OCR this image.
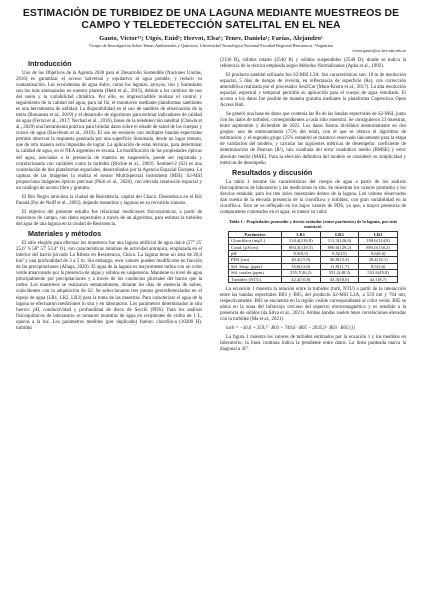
ESTIMACIÓN DE TURBIDEZ DE UNA LAGUNA MEDIANTE MUESTREOS DE CAMPO Y TELEDETECCIÓN SATELITAL EN EL NEA
Gauto, Victor¹²; Utgés, Enid¹; Hervot, Elsa¹; Tenev, Daniela¹; Farías, Alejandro¹
¹Grupo de Investigación Sobre Temas Ambientales y Químicos, Universidad Tecnológica Nacional Facultad Regional Resistencia, ²Argentina
victor.gauto@ca.frre.utn.edu.ar
Introducción

Uno de los Objetivos de la Agenda 2030 para el Desarrollo Sostenible (Naciones Unidas, 2016) es garantizar el acceso universal y equitativo al agua potable, y reducir su contaminación. Los ecosistemas de agua dulce, como los lagunas, arroyos, ríos y humedales son los más amenazados en nuestro planeta (Hettl et al., 2015), debido a los cambios de uso del suelo y la variabilidad climática. Por ello, es imprescindible realizar el control y seguimiento de la calidad del agua, para tal fin, el monitoreo mediante plataformas satelitales es una herramienta de utilidad. La disponibilidad en el uso de satélites de observación de la tierra (Bonansea et al., 2019) y el desarrollo de algoritmos para estimar indicadores de calidad de agua (Ferral et al., 2017; Nechad et al., 2016), bases de la teledetección satelital (Chawla et al., 2020) una herramienta práctica para brindar datos sobre el estado de salud de los cuerpos y cursos de agua (Rasvleum et al., 2019). El uso de sensores con múltiples bandas espectrales permite observar la respuesta generada por una superficie iluminada, desde un lugar remoto, que de otra manera sería imposible de lograr. La aplicación de estas técnicas, para determinar la calidad de agua, en el NEA argentino es escasa. La modificación de las propiedades ópticas del agua, asociadas a la presencia de materia en suspensión, puede ser registrada y correlacionada con variables como la turbidez (Ritchie et al., 2003). Sentinel-2 (S2) es una constelación de dos plataformas espaciales, desarrollados por la Agencia Espacial Europea. La captura de las imágenes la realiza el sensor MultiSpectral Instrument (MSI). S2-MSI proporciona imágenes ópticas precisas (Phiri et al., 2020), con elevada resolución espacial y un catálogo de acceso libre y gratuito.

El Río Negro atraviesa la ciudad de Resistencia, capital del Chaco. Desemboca en el Río Paraná (Poi de Neiff et al., 2003), dejando meandros y lagunas en su recorrido sinuoso.

El objetivo del presente estudio fue relacionar mediciones fisicoquímicas, a partir de muestreos de campo, con datos espectrales a través de un algoritmo, para estimar la turbidez del agua de una laguna en la ciudad de Resistencia.

Materiales y métodos

El sitio elegido para efectuar los muestreos fue una laguna artificial de agua dulce (27° 25' 25,6" S 58° 57' 53,4" O), con características mínimas de actividad antrópica, emplazada en el interior del barrio privado La Ribera en Resistencia, Chaco. La laguna tiene un área de 20,4 km² y una profundidad de 3 a 5 m. Sin embargo, esos valores pueden modificarse en función de las precipitaciones (Allaga, 2020). El agua de la laguna es mayormente turbia con un color verde amarronado por la presencia de algas y sólidos en suspensión. Mantiene su nivel de agua principalmente por precipitaciones y a través de los conductos pluviales del barrio que la rodea. Los muestreos se realizaron semanalmente, durante los días de ausencia de nubes, coincidentes con la adquisición de S2. Se seleccionaron tres puntos georreferenciados en el espejo de agua (LR1, LR2, LR3) para la toma de las muestras. Para caracterizar el agua de la laguna se efectuaron mediciones in situ y en laboratorio. Los parámetros determinados in situ fueron: pH, conductividad y profundidad de disco de Secchi (PDS). Para los análisis fisicoquímicos de laboratorio se tomaron muestras de agua en recipientes de vidrio de 1 L, opacos a la luz. Los parámetros medidos (por duplicado) fueron: clorofila-a (10200 H), turbidez

(2130 B), sólidos totales (2540 B) y sólidos suspendidos (2540 D), donde se indica la referencia de la técnica empleada según Métodos Normalizados (Apha et al., 1992).

El producto satelital utilizado fue S2-MSI L2A. Sus características son: 10 m de resolución espacial, 5 días de tiempo de revisita, en reflectancia de superficie (Rs), con corrección atmosférica realizada por el procesador Sen2Cor (Main-Knorn et al., 2017). La alta resolución espacial, espectral y temporal permitió su aplicación para el cuerpo de agua estudiado. El acceso a los datos fue posible de manera gratuita mediante la plataforma Copernicus Open Access Hub.

Se generó una base de datos que contenía las Rs de las bandas espectrales de S2-MSI, junto con los datos de turbidez, correspondientes a cada sitio muestral. Se consiguieron 23 muestras, entre septiembre y diciembre de 2022. Los datos fueron divididos aleatoriamente en dos grupos: uno de entrenamiento (75% del total), con el que se obtuvo el algoritmo de estimación; y el segundo grupo (25% restante) se mantuvo reservado únicamente para la etapa de validación del modelo, y calcular las siguientes métricas de desempeño: coeficiente de determinación de Pearson (R²), raíz cuadrada del error cuadrático medio (RMSE) y error absoluto medio (MAE). Para la elección definitiva del modelo se consideró su simplicidad y métricas de desempeño.

Resultados y discusión

La tabla 1 resume las características del cuerpo de agua a partir de los análisis fisicoquímicos de laboratorio y las mediciones in situ. Se muestran los valores promedio y los desvíos estándar, para los tres sitios muestrales dentro de la laguna. Los valores observados dan cuenta de la elevada presencia de la clorofila-a y turbidez, con gran variabilidad en la clorofila-a. Esto se ve reflejado en los bajos valores de PDS, ya que, a mayor presencia de componentes coloreados en el agua, es menor su valor.

Tabla 1.- Propiedades promedio y desvío estándar (entre paréntesis) de la laguna, por sitio muestral.
Parámetro	LR1	LR2	LR3
Clorofila-a (mg/L)	134,4(216,8)	111,3(126,6)	108,6(124,8)
Cond. (µS/cm)	894,3(129,3)	890,6(129,2)	895,0(130,2)
pH	8,5(0,5)	8,5(0,5)	8,6(0,6)
PDS (cm)	40,4(15,9)	40,8(15,3)	39,4(14,1)
Sól. Susp. (ppm)	16,6(12,6)	11,8(11,7)	8,5(5,6)
Sól. totales (ppm)	555,7(46,2)	551,2(48,3)	552,6(45,8)
Turbidez (NTU)	42,4(10,8)	43,3(10,6)	42,1(8,7)

La ecuación 1 muestra la relación entre la turbidez (turb, NTU) a partir de la interacción entre las bandas espectrales B03 y B05, del producto S2-MSI L2A, a 559 nm y 704 nm, respectivamente. B03 se encuentra en la región visible correspondiente al color verde. B05 se ubica en la zona del infrarrojo cercano del espectro electromagnético y es sensible a la presencia de sólidos (da Silva et al., 2021). Ambas bandas suelen tener correlaciones elevadas con la turbidez (Ma et al., 2021).

turb = −36,6 + 359,7 · B03 + 746,6 · B05 − 2035,9 · B03 · B05 (1)

La figura 1 muestra los valores de turbidez estimados por la ecuación 1 y los medidos en laboratorio; la línea continua indica la pendiente entre datos. La línea punteada marca la diagonal a 45°.
